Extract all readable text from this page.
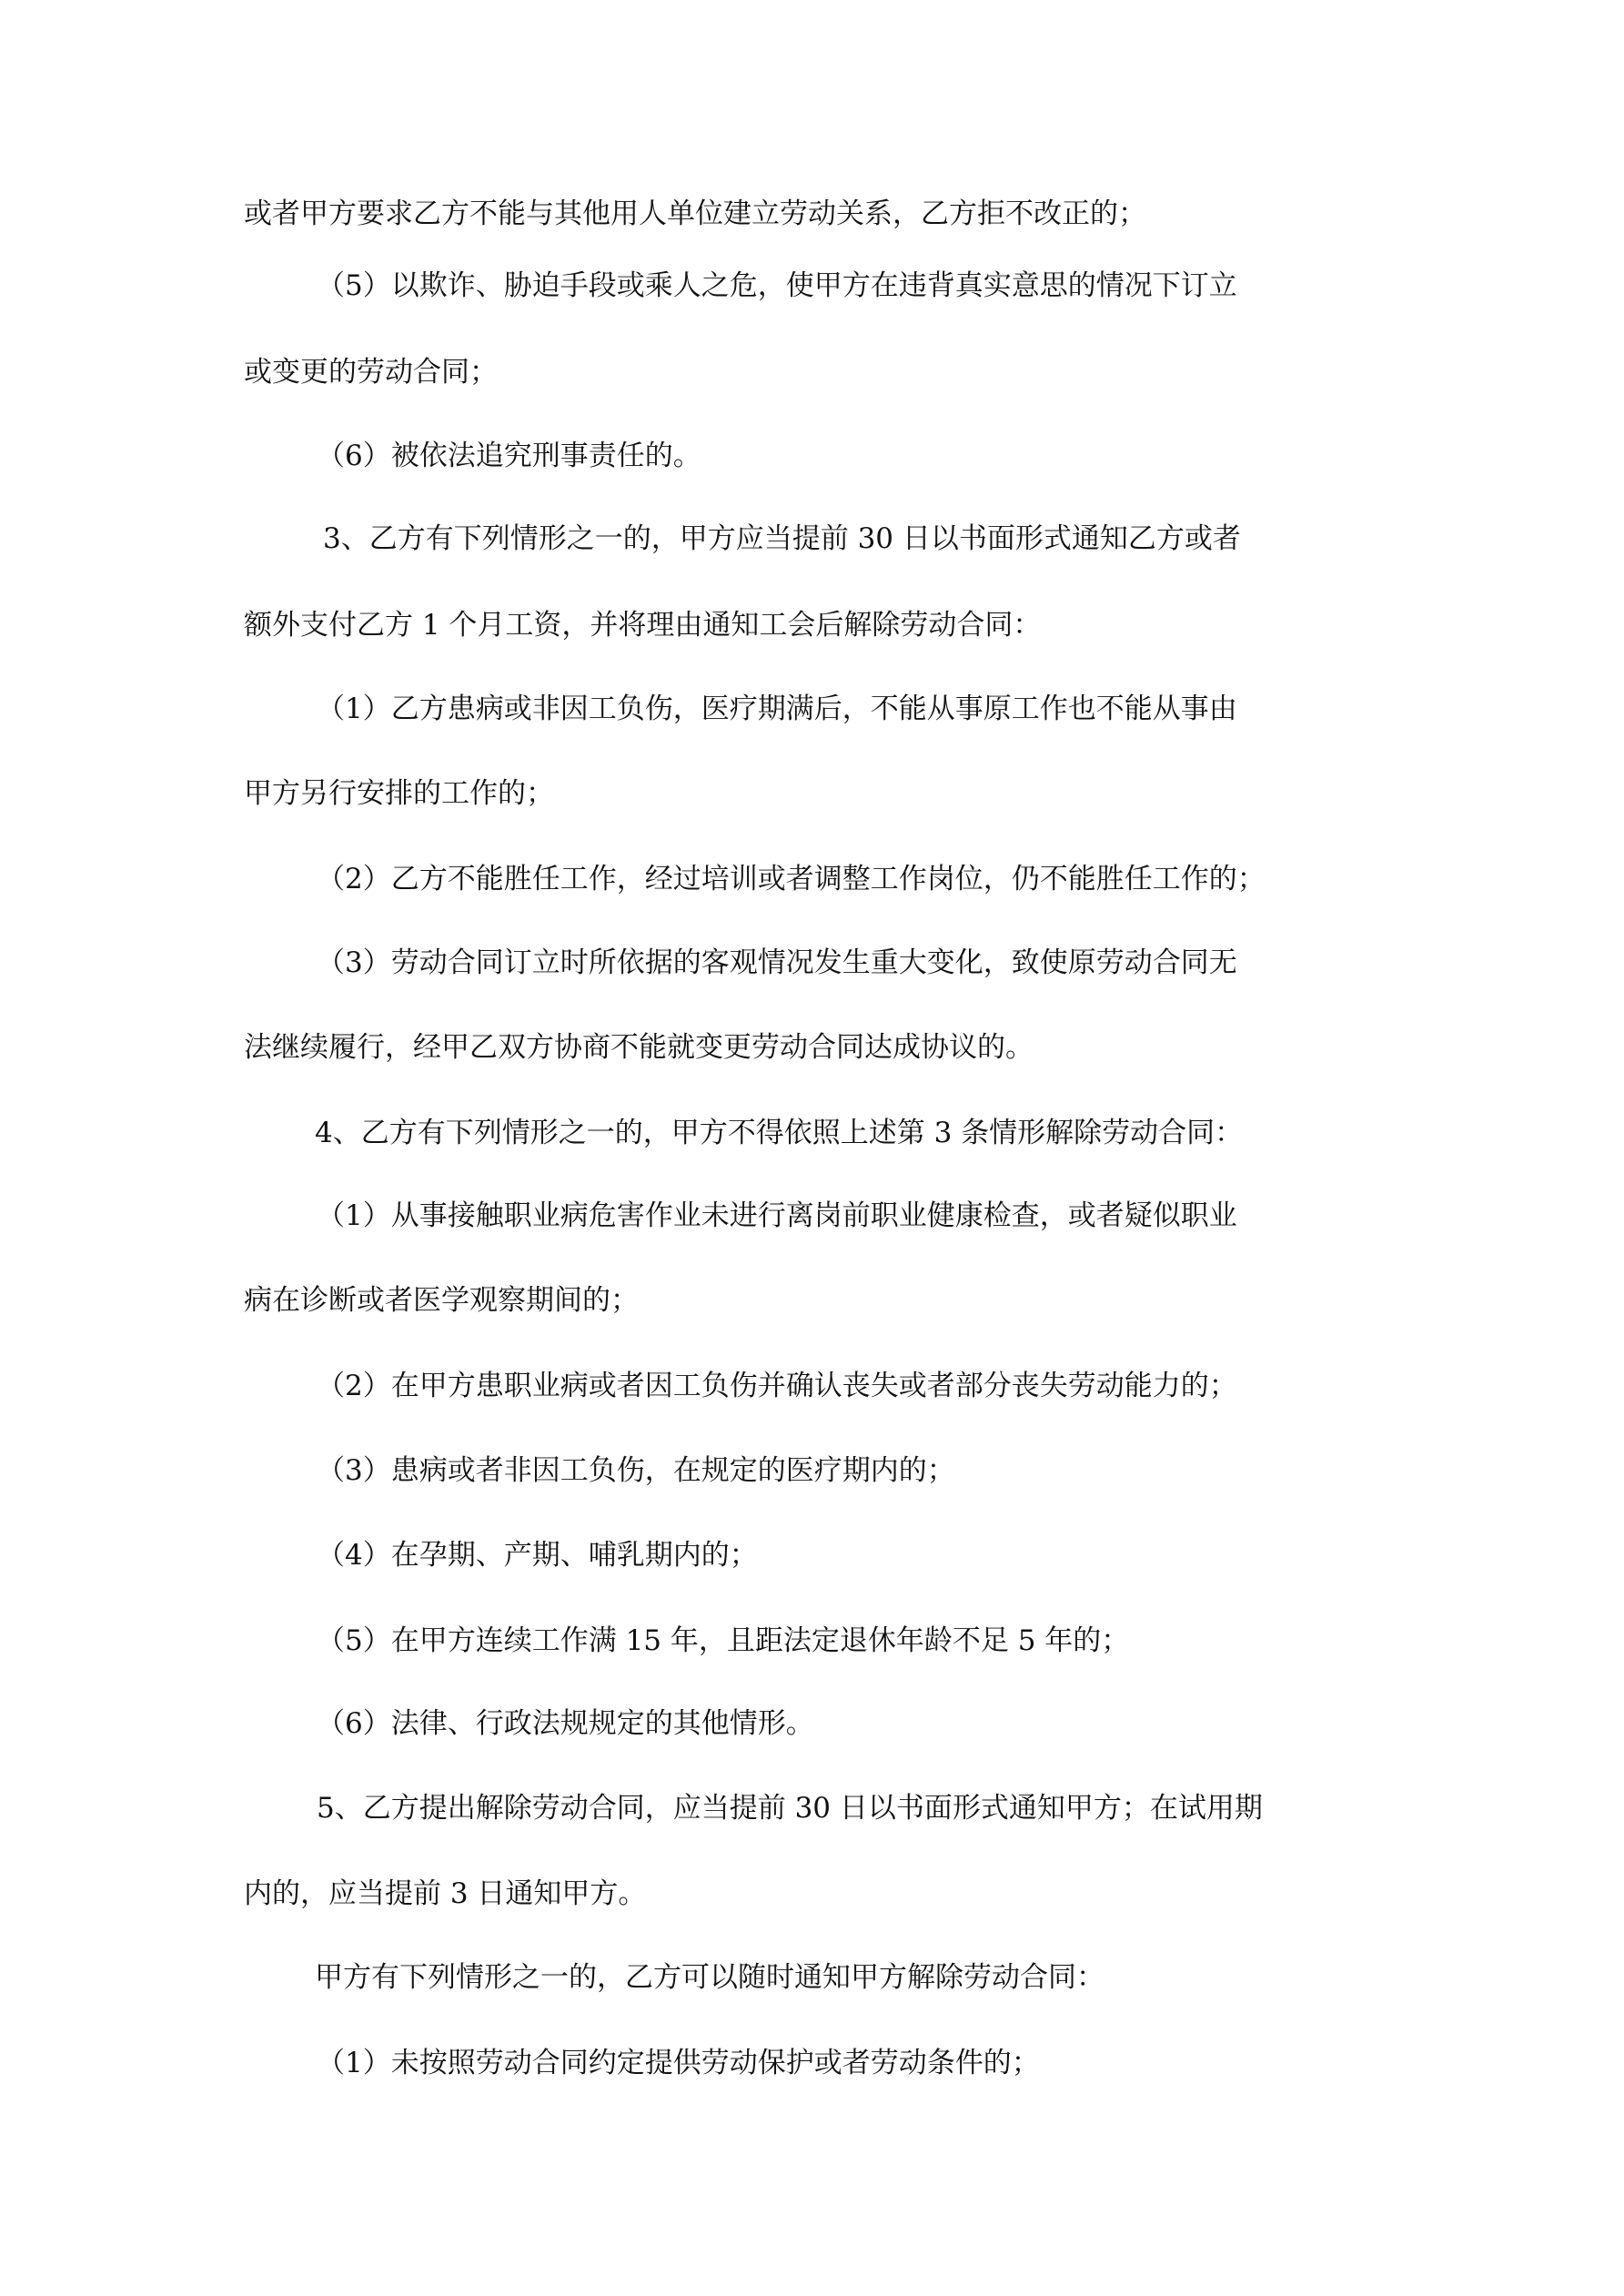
或者甲方要求乙方不能与其他用人单位建立劳动关系，乙方拒不改正的；
（5）以欺诈、胁迫手段或乘人之危，使甲方在违背真实意思的情况下订立
或变更的劳动合同；
（6）被依法追究刑事责任的。
3、乙方有下列情形之一的，甲方应当提前 30 日以书面形式通知乙方或者
额外支付乙方 1 个月工资，并将理由通知工会后解除劳动合同：
（1）乙方患病或非因工负伤，医疗期满后，不能从事原工作也不能从事由
甲方另行安排的工作的；
（2）乙方不能胜任工作，经过培训或者调整工作岗位，仍不能胜任工作的；
（3）劳动合同订立时所依据的客观情况发生重大变化，致使原劳动合同无
法继续履行，经甲乙双方协商不能就变更劳动合同达成协议的。
4、乙方有下列情形之一的，甲方不得依照上述第 3 条情形解除劳动合同：
（1）从事接触职业病危害作业未进行离岗前职业健康检查，或者疑似职业
病在诊断或者医学观察期间的；
（2）在甲方患职业病或者因工负伤并确认丧失或者部分丧失劳动能力的；
（3）患病或者非因工负伤，在规定的医疗期内的；
（4）在孕期、产期、哺乳期内的；
（5）在甲方连续工作满 15 年，且距法定退休年龄不足 5 年的；
（6）法律、行政法规规定的其他情形。
5、乙方提出解除劳动合同，应当提前 30 日以书面形式通知甲方；在试用期
内的，应当提前 3 日通知甲方。
甲方有下列情形之一的，乙方可以随时通知甲方解除劳动合同：
（1）未按照劳动合同约定提供劳动保护或者劳动条件的；
